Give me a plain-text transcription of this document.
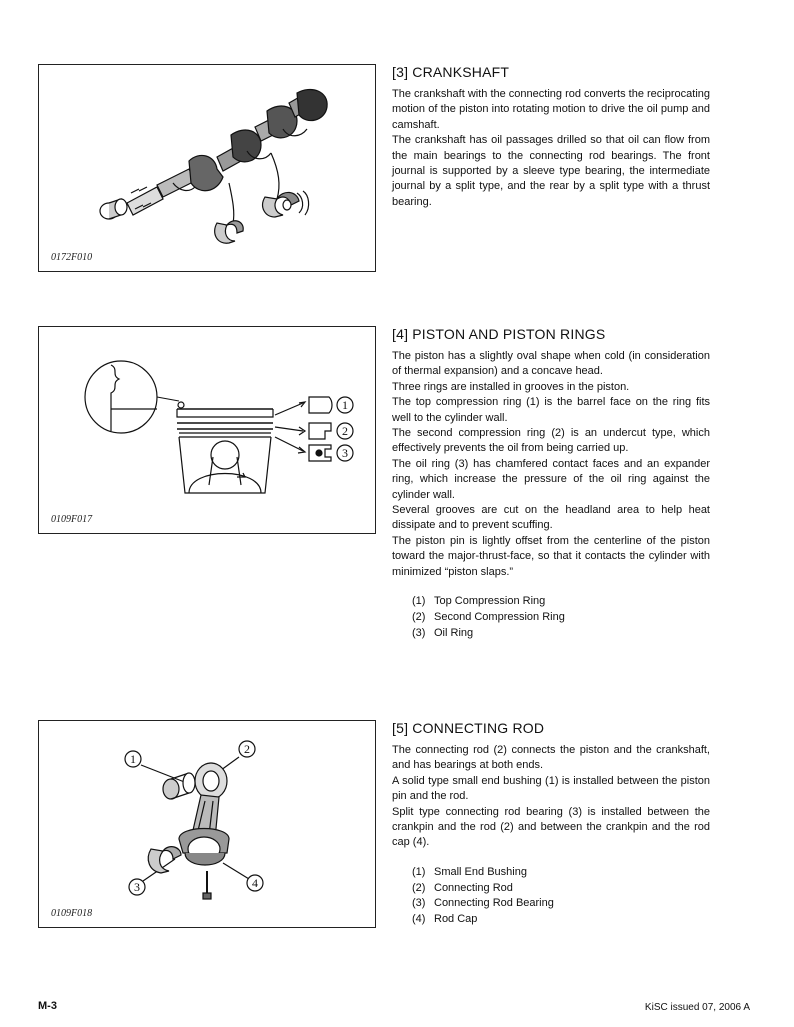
0172F010
[3] CRANKSHAFT

The crankshaft with the connecting rod converts the reciprocating motion of the piston into rotating motion to drive the oil pump and camshaft.

The crankshaft has oil passages drilled so that oil can flow from the main bearings to the connecting rod bearings. The front journal is supported by a sleeve type bearing, the intermediate journal by a split type, and the rear by a split type with a thrust bearing.

1
2
3
0109F017
[4] PISTON AND PISTON RINGS

The piston has a slightly oval shape when cold (in consideration of thermal expansion) and a concave head.

Three rings are installed in grooves in the piston.

The top compression ring (1) is the barrel face on the ring fits well to the cylinder wall.

The second compression ring (2) is an undercut type, which effectively prevents the oil from being carried up.

The oil ring (3) has chamfered contact faces and an expander ring, which increase the pressure of the oil ring against the cylinder wall.

Several grooves are cut on the headland area to help heat dissipate and to prevent scuffing.

The piston pin is lightly offset from the centerline of the piston toward the major-thrust-face, so that it contacts the cylinder with minimized “piston slaps.”

(1) Top Compression Ring
(2) Second Compression Ring
(3) Oil Ring
1
2
3	4
0109F018
[5] CONNECTING ROD

The connecting rod (2) connects the piston and the crankshaft, and has bearings at both ends.

A solid type small end bushing (1) is installed between the piston pin and the rod.

Split type connecting rod bearing (3) is installed between the crankpin and the rod (2) and between the crankpin and the rod cap (4).

(1) Small End Bushing
(2) Connecting Rod
(3) Connecting Rod Bearing
(4) Rod Cap
M-3	KiSC issued 07, 2006 A
